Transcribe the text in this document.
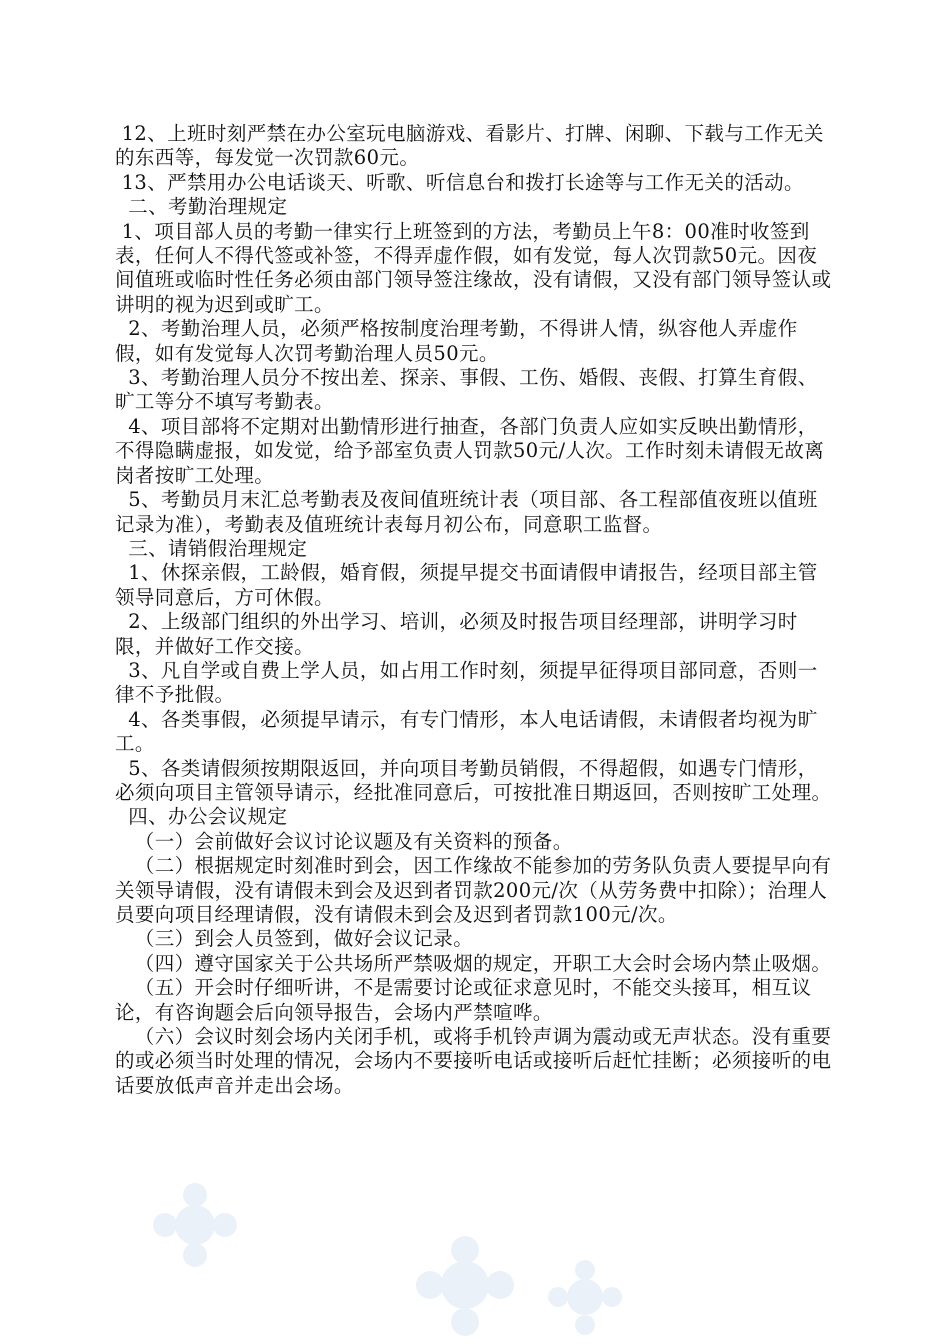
12、上班时刻严禁在办公室玩电脑游戏、看影片、打牌、闲聊、下载与工作无关的东西等，每发觉一次罚款60元。

13、严禁用办公电话谈天、听歌、听信息台和拨打长途等与工作无关的活动。

二、考勤治理规定

1、项目部人员的考勤一律实行上班签到的方法，考勤员上午8：00准时收签到表，任何人不得代签或补签，不得弄虚作假，如有发觉，每人次罚款50元。因夜间值班或临时性任务必须由部门领导签注缘故，没有请假，又没有部门领导签认或讲明的视为迟到或旷工。

2、考勤治理人员，必须严格按制度治理考勤，不得讲人情，纵容他人弄虚作假，如有发觉每人次罚考勤治理人员50元。

3、考勤治理人员分不按出差、探亲、事假、工伤、婚假、丧假、打算生育假、旷工等分不填写考勤表。

4、项目部将不定期对出勤情形进行抽查，各部门负责人应如实反映出勤情形，不得隐瞒虚报，如发觉，给予部室负责人罚款50元/人次。工作时刻未请假无故离岗者按旷工处理。

5、考勤员月末汇总考勤表及夜间值班统计表（项目部、各工程部值夜班以值班记录为准），考勤表及值班统计表每月初公布，同意职工监督。

三、请销假治理规定

1、休探亲假，工龄假，婚育假，须提早提交书面请假申请报告，经项目部主管领导同意后，方可休假。

2、上级部门组织的外出学习、培训，必须及时报告项目经理部，讲明学习时限，并做好工作交接。

3、凡自学或自费上学人员，如占用工作时刻，须提早征得项目部同意，否则一律不予批假。

4、各类事假，必须提早请示，有专门情形，本人电话请假，未请假者均视为旷工。

5、各类请假须按期限返回，并向项目考勤员销假，不得超假，如遇专门情形，必须向项目主管领导请示，经批准同意后，可按批准日期返回，否则按旷工处理。

四、办公会议规定

（一）会前做好会议讨论议题及有关资料的预备。

（二）根据规定时刻准时到会，因工作缘故不能参加的劳务队负责人要提早向有关领导请假，没有请假未到会及迟到者罚款200元/次（从劳务费中扣除）；治理人员要向项目经理请假，没有请假未到会及迟到者罚款100元/次。

（三）到会人员签到，做好会议记录。

（四）遵守国家关于公共场所严禁吸烟的规定，开职工大会时会场内禁止吸烟。

（五）开会时仔细听讲，不是需要讨论或征求意见时，不能交头接耳，相互议论，有咨询题会后向领导报告，会场内严禁喧哗。

（六）会议时刻会场内关闭手机，或将手机铃声调为震动或无声状态。没有重要的或必须当时处理的情况，会场内不要接听电话或接听后赶忙挂断；必须接听的电话要放低声音并走出会场。
